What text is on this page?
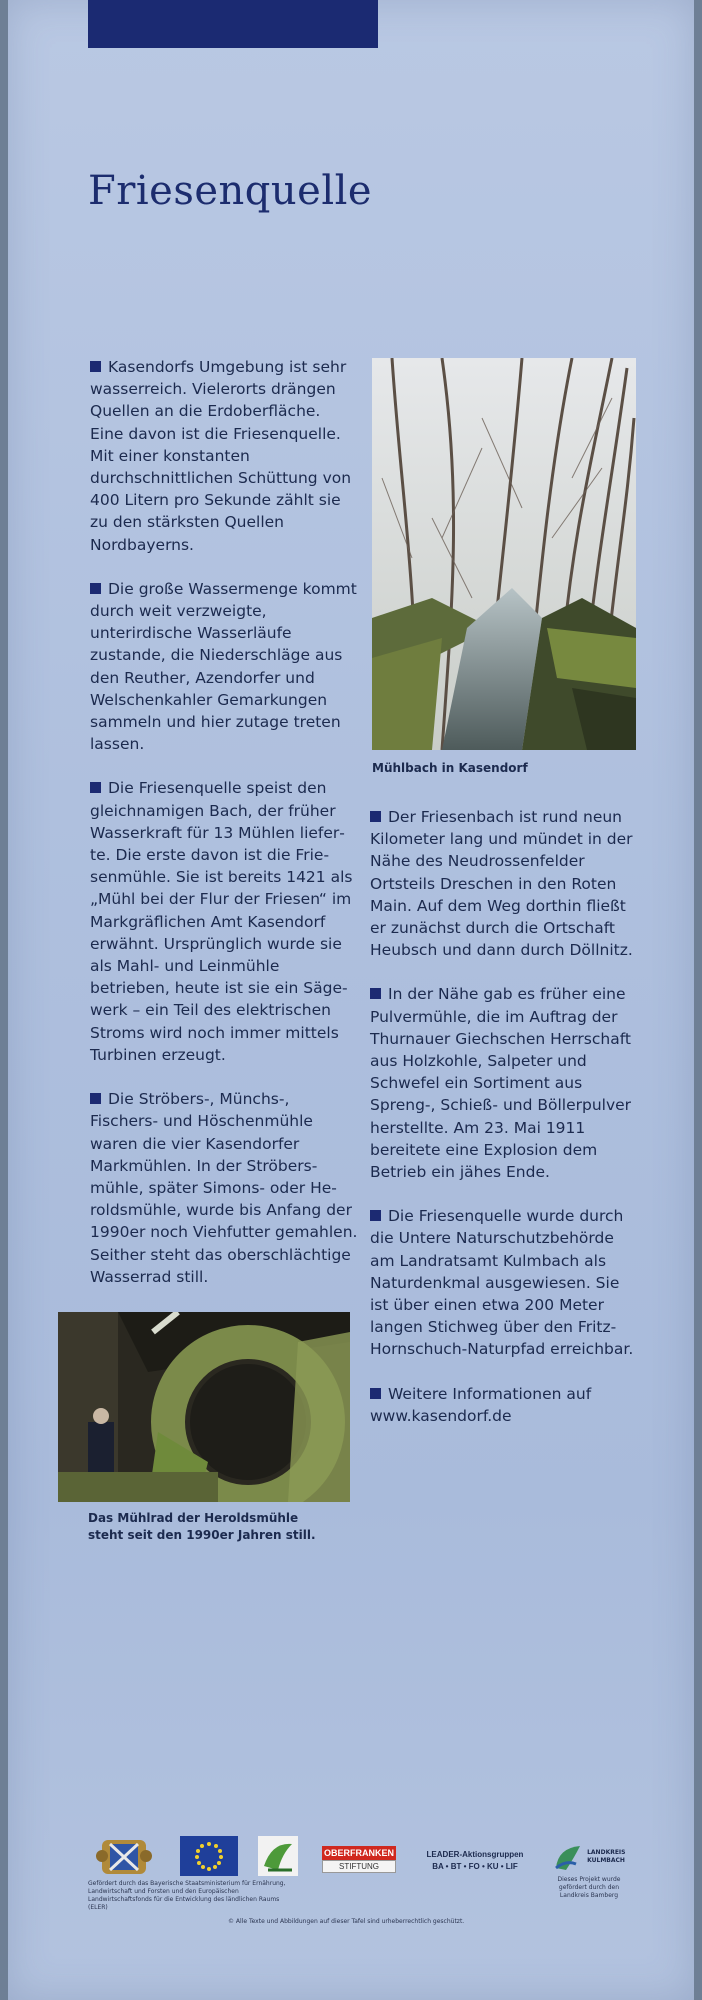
Friesenquelle
Mühlbach in Kasendorf

Kasendorfs Umgebung ist sehr wasserreich. Vielerorts drängen Quellen an die Erdoberfläche. Eine davon ist die Friesenquelle. Mit einer konstanten durchschnittlichen Schüttung von 400 Litern pro Sekunde zählt sie zu den stärksten Quellen Nordbayerns.

Die große Wassermenge kommt durch weit verzweigte, unterirdische Wasserläufe zustande, die Niederschläge aus den Reuther, Azendorfer und Welschenkahler Gemarkungen sammeln und hier zutage treten lassen.

Die Friesenquelle speist den gleichnamigen Bach, der früher Wasserkraft für 13 Mühlen lieferte. Die erste davon ist die Friesenmühle. Sie ist bereits 1421 als „Mühl bei der Flur der Friesen“ im Markgräflichen Amt Kasendorf erwähnt. Ursprünglich wurde sie als Mahl- und Leinmühle betrieben, heute ist sie ein Sägewerk – ein Teil des elektrischen Stroms wird noch immer mittels Turbinen erzeugt.

Die Ströbers-, Münchs-, Fischers- und Höschenmühle waren die vier Kasendorfer Markmühlen. In der Ströbersmühle, später Simons- oder Heroldsmühle, wurde bis Anfang der 1990er noch Viehfutter gemahlen. Seither steht das oberschlächtige Wasserrad still.

Der Friesenbach ist rund neun Kilometer lang und mündet in der Nähe des Neudrossenfelder Ortsteils Dreschen in den Roten Main. Auf dem Weg dorthin fließt er zunächst durch die Ortschaft Heubsch und dann durch Döllnitz.

In der Nähe gab es früher eine Pulvermühle, die im Auftrag der Thurnauer Giechschen Herrschaft aus Holzkohle, Salpeter und Schwefel ein Sortiment aus Spreng-, Schieß- und Böllerpulver herstellte. Am 23. Mai 1911 bereitete eine Explosion dem Betrieb ein jähes Ende.

Die Friesenquelle wurde durch die Untere Naturschutzbehörde am Landratsamt Kulmbach als Naturdenkmal ausgewiesen. Sie ist über einen etwa 200 Meter langen Stichweg über den Fritz-Hornschuch-Naturpfad erreichbar.

Weitere Informationen auf www.kasendorf.de

Das Mühlrad der Heroldsmühle
steht seit den 1990er Jahren still.
Gefördert durch das Bayerische Staatsministerium für Ernährung, Landwirtschaft und Forsten und den Europäischen Landwirtschaftsfonds für die Entwicklung des ländlichen Raums (ELER)
OBERFRANKEN
STIFTUNG
LEADER-Aktionsgruppen
BA • BT • FO • KU • LIF
LANDKREIS
KULMBACH
Dieses Projekt wurde gefördert durch den Landkreis Bamberg
© Alle Texte und Abbildungen auf dieser Tafel sind urheberrechtlich geschützt.
